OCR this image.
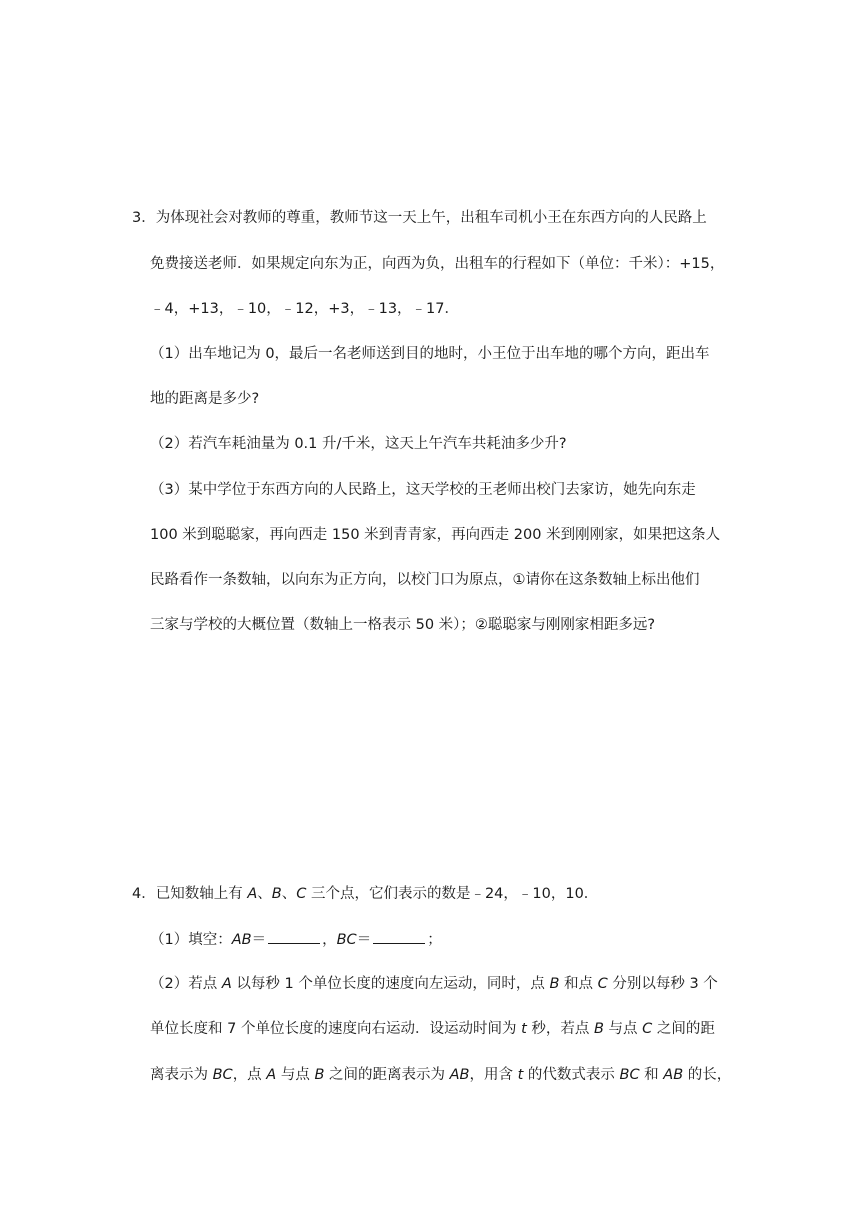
3．为体现社会对教师的尊重，教师节这一天上午，出租车司机小王在东西方向的人民路上
免费接送老师．如果规定向东为正，向西为负，出租车的行程如下（单位：千米）：+15，
﹣4，+13，﹣10，﹣12，+3，﹣13，﹣17．
（1）出车地记为 0，最后一名老师送到目的地时，小王位于出车地的哪个方向，距出车
地的距离是多少?
（2）若汽车耗油量为 0.1 升/千米，这天上午汽车共耗油多少升?
（3）某中学位于东西方向的人民路上，这天学校的王老师出校门去家访，她先向东走
100 米到聪聪家，再向西走 150 米到青青家，再向西走 200 米到刚刚家，如果把这条人
民路看作一条数轴，以向东为正方向，以校门口为原点，①请你在这条数轴上标出他们
三家与学校的大概位置（数轴上一格表示 50 米）；②聪聪家与刚刚家相距多远?
4．已知数轴上有 A、B、C 三个点，它们表示的数是﹣24，﹣10，10．
（1）填空：AB＝	，BC＝	；
（2）若点 A 以每秒 1 个单位长度的速度向左运动，同时，点 B 和点 C 分别以每秒 3 个
单位长度和 7 个单位长度的速度向右运动．设运动时间为 t 秒，若点 B 与点 C 之间的距
离表示为 BC，点 A 与点 B 之间的距离表示为 AB，用含 t 的代数式表示 BC 和 AB 的长，
